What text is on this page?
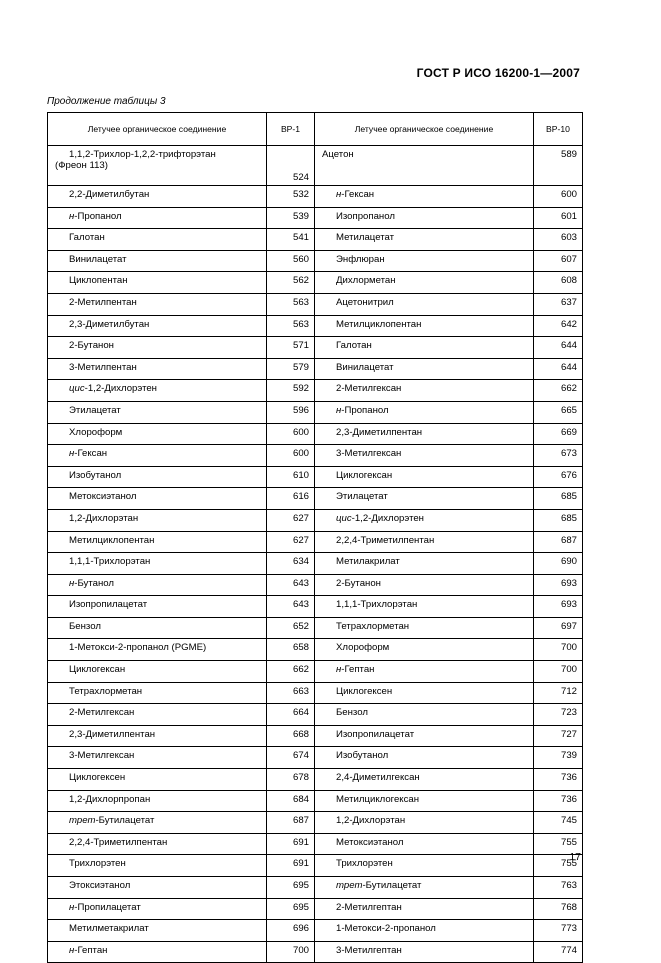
ГОСТ Р ИСО 16200-1—2007
Продолжение таблицы 3
Летучее органическое соединение	ВР-1	Летучее органическое соединение	ВР-10
1,1,2-Трихлор-1,2,2-трифторэтан
(Фреон 113)	524	Ацетон	589
2,2-Диметилбутан	532	н-Гексан	600
н-Пропанол	539	Изопропанол	601
Галотан	541	Метилацетат	603
Винилацетат	560	Энфлюран	607
Циклопентан	562	Дихлорметан	608
2-Метилпентан	563	Ацетонитрил	637
2,3-Диметилбутан	563	Метилциклопентан	642
2-Бутанон	571	Галотан	644
3-Метилпентан	579	Винилацетат	644
цис-1,2-Дихлорэтен	592	2-Метилгексан	662
Этилацетат	596	н-Пропанол	665
Хлороформ	600	2,3-Диметилпентан	669
н-Гексан	600	3-Метилгексан	673
Изобутанол	610	Циклогексан	676
Метоксиэтанол	616	Этилацетат	685
1,2-Дихлорэтан	627	цис-1,2-Дихлорэтен	685
Метилциклопентан	627	2,2,4-Триметилпентан	687
1,1,1-Трихлорэтан	634	Метилакрилат	690
н-Бутанол	643	2-Бутанон	693
Изопропилацетат	643	1,1,1-Трихлорэтан	693
Бензол	652	Тетрахлорметан	697
1-Метокси-2-пропанол (PGME)	658	Хлороформ	700
Циклогексан	662	н-Гептан	700
Тетрахлорметан	663	Циклогексен	712
2-Метилгексан	664	Бензол	723
2,3-Диметилпентан	668	Изопропилацетат	727
3-Метилгексан	674	Изобутанол	739
Циклогексен	678	2,4-Диметилгексан	736
1,2-Дихлорпропан	684	Метилциклогексан	736
трет-Бутилацетат	687	1,2-Дихлорэтан	745
2,2,4-Триметилпентан	691	Метоксиэтанол	755
Трихлорэтен	691	Трихлорэтен	755
Этоксиэтанол	695	трет-Бутилацетат	763
н-Пропилацетат	695	2-Метилгептан	768
Метилметакрилат	696	1-Метокси-2-пропанол	773
н-Гептан	700	3-Метилгептан	774
17
